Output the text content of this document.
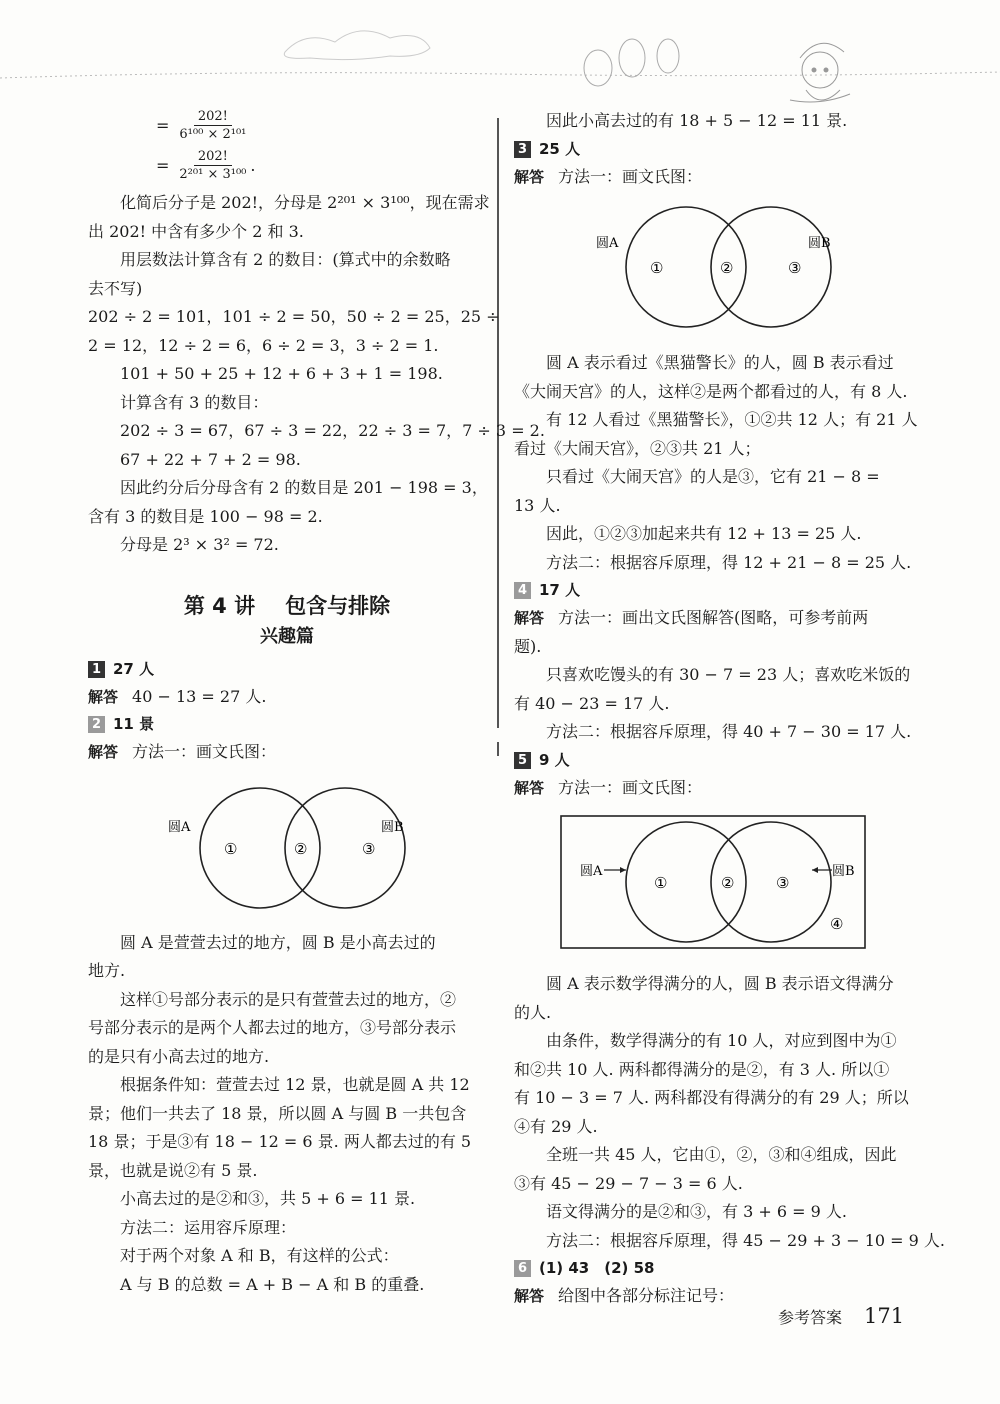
= $\frac{202!}{\text{6¹⁰⁰ × 2¹⁰¹}}$
= $\frac{202!}{\text{2²⁰¹ × 3¹⁰⁰}}$ .
化简后分子是 202!，分母是 2²⁰¹ × 3¹⁰⁰，现在需求
出 202! 中含有多少个 2 和 3.
用层数法计算含有 2 的数目：(算式中的余数略
去不写)
202 ÷ 2 = 101，101 ÷ 2 = 50，50 ÷ 2 = 25，25 ÷
2 = 12，12 ÷ 2 = 6，6 ÷ 2 = 3，3 ÷ 2 = 1.
101 + 50 + 25 + 12 + 6 + 3 + 1 = 198.
计算含有 3 的数目：
202 ÷ 3 = 67，67 ÷ 3 = 22，22 ÷ 3 = 7，7 ÷ 3 = 2.
67 + 22 + 7 + 2 = 98.
因此约分后分母含有 2 的数目是 201 − 198 = 3，
含有 3 的数目是 100 − 98 = 2.
分母是 2³ × 3² = 72.
第 4 讲 包含与排除
兴趣篇
1 27 人
解答 40 − 13 = 27 人.
2 11 景
解答 方法一：画文氏图：
圆A	圆B
①	②	③
圆 A 是萱萱去过的地方，圆 B 是小高去过的
地方.
这样①号部分表示的是只有萱萱去过的地方，②
号部分表示的是两个人都去过的地方，③号部分表示
的是只有小高去过的地方.
根据条件知：萱萱去过 12 景，也就是圆 A 共 12
景；他们一共去了 18 景，所以圆 A 与圆 B 一共包含
18 景；于是③有 18 − 12 = 6 景. 两人都去过的有 5
景，也就是说②有 5 景.
小高去过的是②和③，共 5 + 6 = 11 景.
方法二：运用容斥原理：
对于两个对象 A 和 B，有这样的公式：
A 与 B 的总数 = A + B − A 和 B 的重叠.
因此小高去过的有 18 + 5 − 12 = 11 景.
3 25 人
解答 方法一：画文氏图：
圆A	圆B
①	②	③
圆 A 表示看过《黑猫警长》的人，圆 B 表示看过
《大闹天宫》的人，这样②是两个都看过的人，有 8 人.
有 12 人看过《黑猫警长》，①②共 12 人；有 21 人
看过《大闹天宫》，②③共 21 人；
只看过《大闹天宫》的人是③，它有 21 − 8 =
13 人.
因此，①②③加起来共有 12 + 13 = 25 人.
方法二：根据容斥原理，得 12 + 21 − 8 = 25 人.
4 17 人
解答 方法一：画出文氏图解答(图略，可参考前两
题).
只喜欢吃馒头的有 30 − 7 = 23 人；喜欢吃米饭的
有 40 − 23 = 17 人.
方法二：根据容斥原理，得 40 + 7 − 30 = 17 人.
5 9 人
解答 方法一：画文氏图：
圆A	圆B
①	②	③
④
圆 A 表示数学得满分的人，圆 B 表示语文得满分
的人.
由条件，数学得满分的有 10 人，对应到图中为①
和②共 10 人. 两科都得满分的是②，有 3 人. 所以①
有 10 − 3 = 7 人. 两科都没有得满分的有 29 人；所以
④有 29 人.
全班一共 45 人，它由①，②，③和④组成，因此
③有 45 − 29 − 7 − 3 = 6 人.
语文得满分的是②和③，有 3 + 6 = 9 人.
方法二：根据容斥原理，得 45 − 29 + 3 − 10 = 9 人.
6 (1) 43　(2) 58
解答 给图中各部分标注记号：
参考答案 171
